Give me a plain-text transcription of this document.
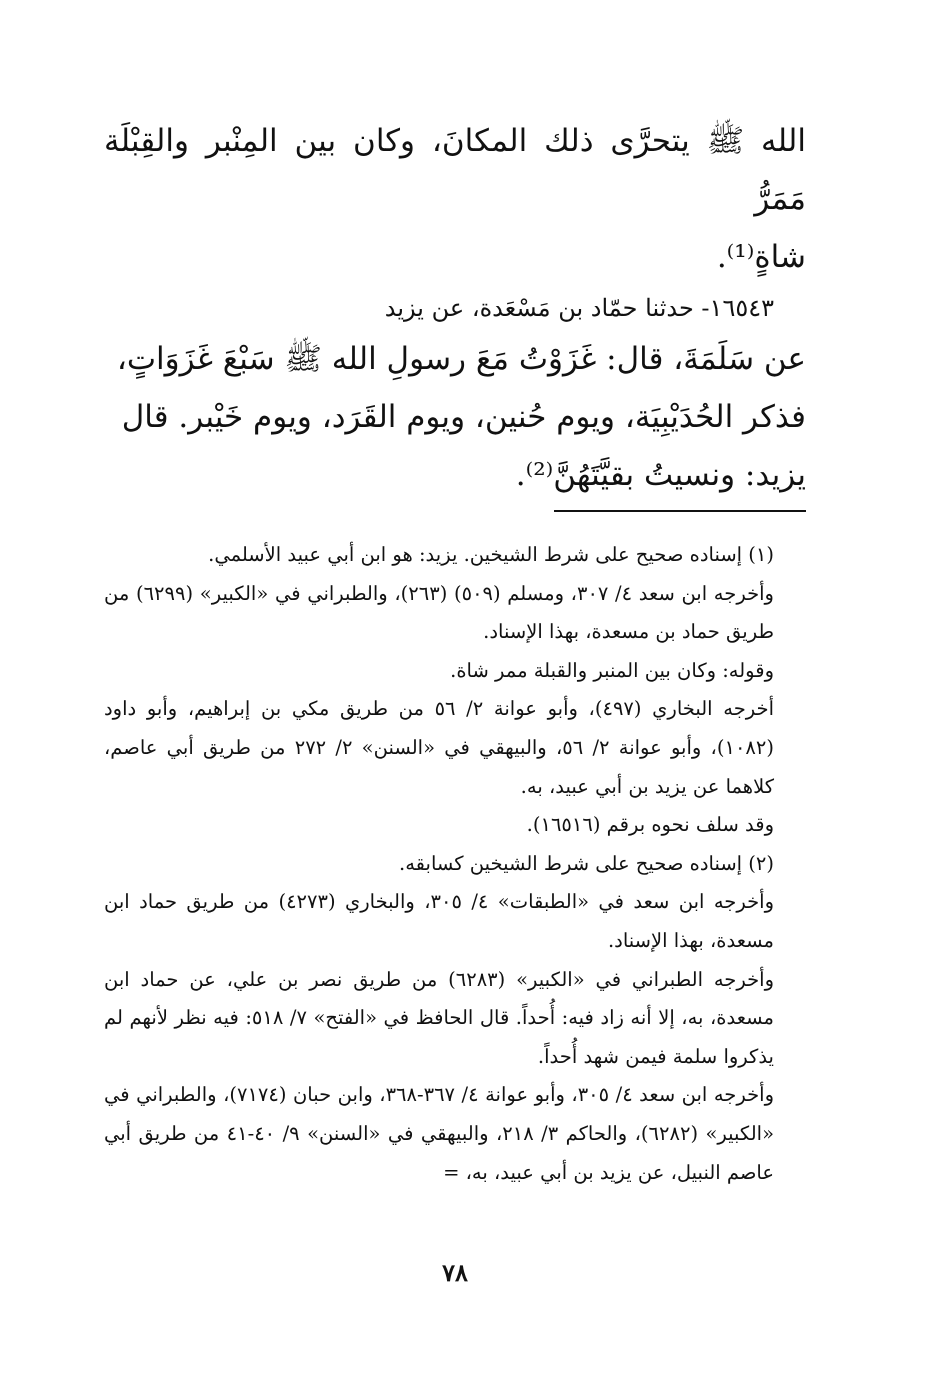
الله ﷺ يتحرَّى ذلك المكانَ، وكان بين المِنْبر والقِبْلَة مَمَرُّ

شاةٍ⁽¹⁾.

١٦٥٤٣- حدثنا حمّاد بن مَسْعَدة، عن يزيد

عن سَلَمَةَ، قال: غَزَوْتُ مَعَ رسولِ الله ﷺ سَبْعَ غَزَوَاتٍ،

فذكر الحُدَيْبِيَة، ويوم حُنين، ويوم القَرَد، ويوم خَيْبر. قال

يزيد: ونسيتُ بقيَّتَهُنَّ⁽²⁾.

(١) إسناده صحيح على شرط الشيخين. يزيد: هو ابن أبي عبيد الأسلمي.

وأخرجه ابن سعد ٤/ ٣٠٧، ومسلم (٥٠٩) (٢٦٣)، والطبراني في «الكبير» (٦٢٩٩) من طريق حماد بن مسعدة، بهذا الإسناد.

وقوله: وكان بين المنبر والقبلة ممر شاة.

أخرجه البخاري (٤٩٧)، وأبو عوانة ٢/ ٥٦ من طريق مكي بن إبراهيم، وأبو داود (١٠٨٢)، وأبو عوانة ٢/ ٥٦، والبيهقي في «السنن» ٢/ ٢٧٢ من طريق أبي عاصم، كلاهما عن يزيد بن أبي عبيد، به.

وقد سلف نحوه برقم (١٦٥١٦).

(٢) إسناده صحيح على شرط الشيخين كسابقه.

وأخرجه ابن سعد في «الطبقات» ٤/ ٣٠٥، والبخاري (٤٢٧٣) من طريق حماد ابن مسعدة، بهذا الإسناد.

وأخرجه الطبراني في «الكبير» (٦٢٨٣) من طريق نصر بن علي، عن حماد ابن مسعدة، به، إلا أنه زاد فيه: أُحداً. قال الحافظ في «الفتح» ٧/ ٥١٨: فيه نظر لأنهم لم يذكروا سلمة فيمن شهد أُحداً.

وأخرجه ابن سعد ٤/ ٣٠٥، وأبو عوانة ٤/ ٣٦٧-٣٦٨، وابن حبان (٧١٧٤)، والطبراني في «الكبير» (٦٢٨٢)، والحاكم ٣/ ٢١٨، والبيهقي في «السنن» ٩/ ٤٠-٤١ من طريق أبي عاصم النبيل، عن يزيد بن أبي عبيد، به، =

٧٨
